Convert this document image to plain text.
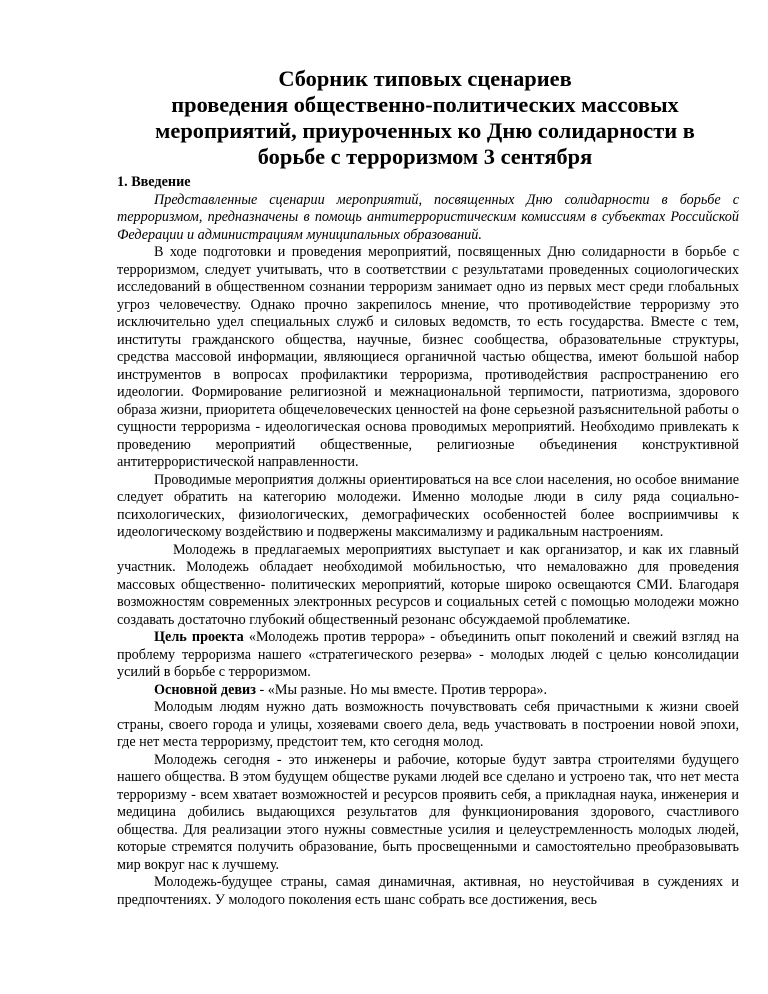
Сборник типовых сценариев
проведения общественно-политических массовых
мероприятий, приуроченных ко Дню солидарности в
борьбе с терроризмом 3 сентября

1. Введение

Представленные сценарии мероприятий, посвященных Дню солидарности в борьбе с терроризмом, предназначены в помощь антитеррористическим комиссиям в субъектах Российской Федерации и администрациям муниципальных образований.

В ходе подготовки и проведения мероприятий, посвященных Дню солидарности в борьбе с терроризмом, следует учитывать, что в соответствии с результатами проведенных социологических исследований в общественном сознании терроризм занимает одно из первых мест среди глобальных угроз человечеству. Однако прочно закрепилось мнение, что противодействие терроризму это исключительно удел специальных служб и силовых ведомств, то есть государства. Вместе с тем, институты гражданского общества, научные, бизнес сообщества, образовательные структуры, средства массовой информации, являющиеся органичной частью общества, имеют большой набор инструментов в вопросах профилактики терроризма, противодействия распространению его идеологии. Формирование религиозной и межнациональной терпимости, патриотизма, здорового образа жизни, приоритета общечеловеческих ценностей на фоне серьезной разъяснительной работы о сущности терроризма - идеологическая основа проводимых мероприятий. Необходимо привлекать к проведению мероприятий общественные, религиозные объединения конструктивной антитеррористической направленности.

Проводимые мероприятия должны ориентироваться на все слои населения, но особое внимание следует обратить на категорию молодежи. Именно молодые люди в силу ряда социально-психологических, физиологических, демографических особенностей более восприимчивы к идеологическому воздействию и подвержены максимализму и радикальным настроениям.

Молодежь в предлагаемых мероприятиях выступает и как организатор, и как их главный участник. Молодежь обладает необходимой мобильностью, что немаловажно для проведения массовых общественно- политических мероприятий, которые широко освещаются СМИ. Благодаря возможностям современных электронных ресурсов и социальных сетей с помощью молодежи можно создавать достаточно глубокий общественный резонанс обсуждаемой проблематике.

Цель проекта «Молодежь против террора» - объединить опыт поколений и свежий взгляд на проблему терроризма нашего «стратегического резерва» - молодых людей с целью консолидации усилий в борьбе с терроризмом.

Основной девиз - «Мы разные. Но мы вместе. Против террора».

Молодым людям нужно дать возможность почувствовать себя причастными к жизни своей страны, своего города и улицы, хозяевами своего дела, ведь участвовать в построении новой эпохи, где нет места терроризму, предстоит тем, кто сегодня молод.

Молодежь сегодня - это инженеры и рабочие, которые будут завтра строителями будущего нашего общества. В этом будущем обществе руками людей все сделано и устроено так, что нет места терроризму - всем хватает возможностей и ресурсов проявить себя, а прикладная наука, инженерия и медицина добились выдающихся результатов для функционирования здорового, счастливого общества. Для реализации этого нужны совместные усилия и целеустремленность молодых людей, которые стремятся получить образование, быть просвещенными и самостоятельно преобразовывать мир вокруг нас к лучшему.

Молодежь-будущее страны, самая динамичная, активная, но неустойчивая в суждениях и предпочтениях. У молодого поколения есть шанс собрать все достижения, весь
